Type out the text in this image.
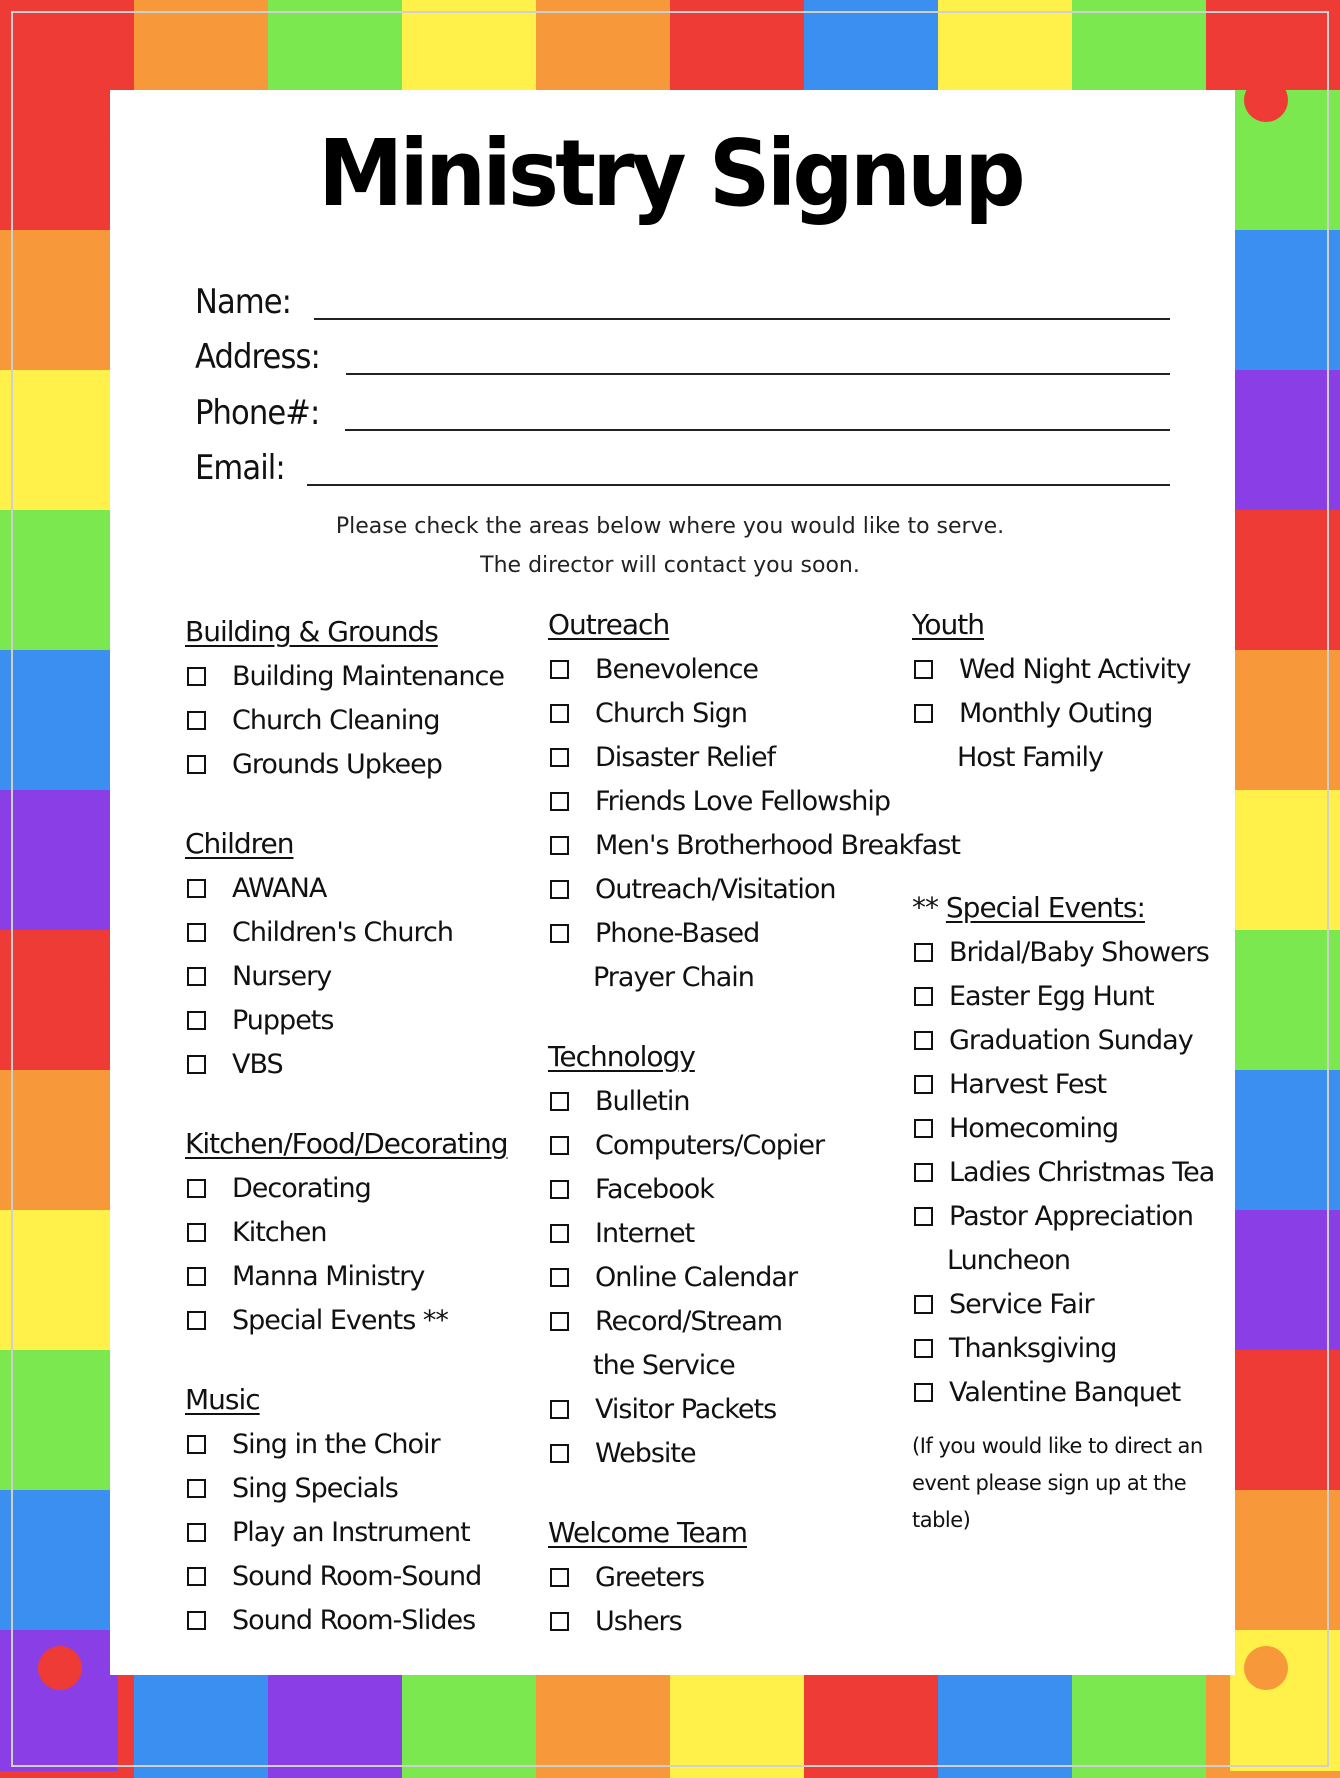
Ministry Signup
Name:
Address:
Phone#:
Email:
Please check the areas below where you would like to serve.
The director will contact you soon.
Building & Grounds
Building Maintenance
Church Cleaning
Grounds Upkeep
Children
AWANA
Children's Church
Nursery
Puppets
VBS
Kitchen/Food/Decorating
Decorating
Kitchen
Manna Ministry
Special Events **
Music
Sing in the Choir
Sing Specials
Play an Instrument
Sound Room-Sound
Sound Room-Slides
Outreach
Benevolence
Church Sign
Disaster Relief
Friends Love Fellowship
Men's Brotherhood Breakfast
Outreach/Visitation
Phone-Based
Prayer Chain
Technology
Bulletin
Computers/Copier
Facebook
Internet
Online Calendar
Record/Stream
the Service
Visitor Packets
Website
Welcome Team
Greeters
Ushers
Youth
Wed Night Activity
Monthly Outing
Host Family
** Special Events:
Bridal/Baby Showers
Easter Egg Hunt
Graduation Sunday
Harvest Fest
Homecoming
Ladies Christmas Tea
Pastor Appreciation
Luncheon
Service Fair
Thanksgiving
Valentine Banquet
(If you would like to direct an
event please sign up at the table)
